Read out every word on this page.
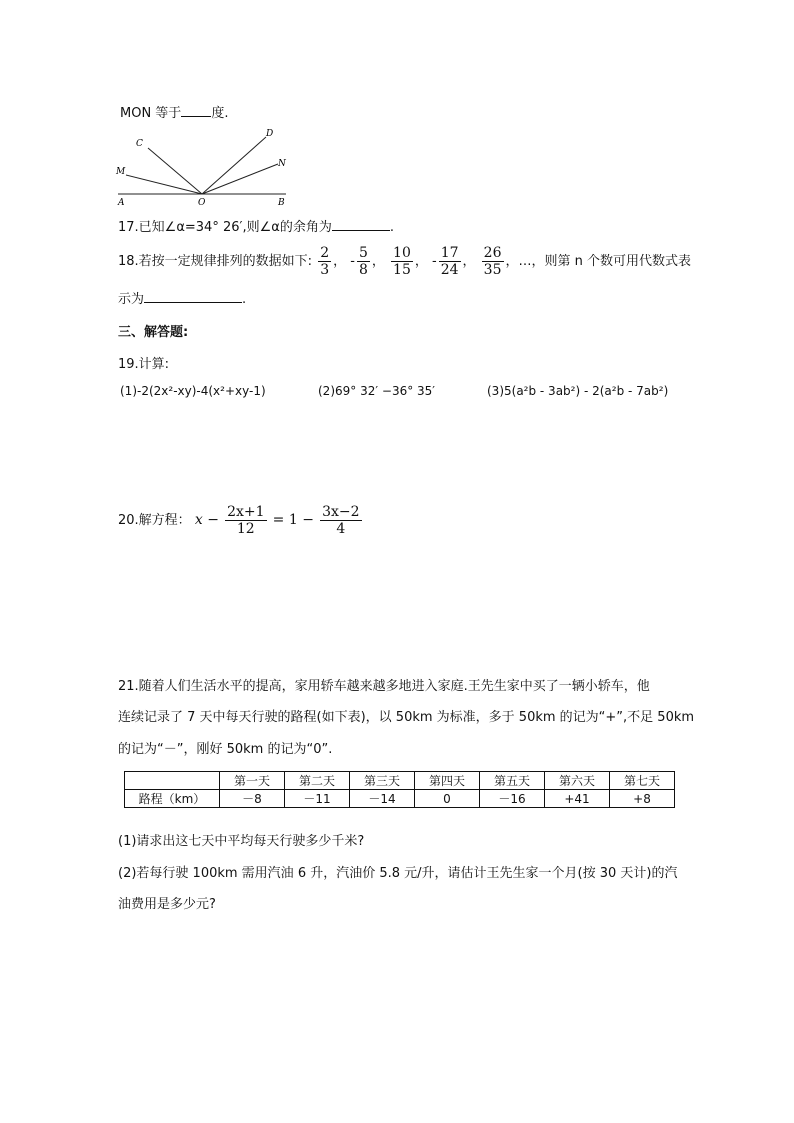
MON 等于 度.
C
M
D
N
A	O	B
17.已知∠α=34° 26′,则∠α的余角为	.
18.若按一定规律排列的数据如下: $\frac{2}{3}$ ， - $\frac{5}{8}$ ， $\frac{10}{15}$ ， - $\frac{17}{24}$ ， $\frac{26}{35}$ ，…，则第 n 个数可用代数式表
示为	.
三、解答题:
19.计算:
(1)-2(2x²-xy)-4(x²+xy-1)	(2)69° 32′ −36° 35′	(3)5(a²b - 3ab²) - 2(a²b - 7ab²)
20.解方程： $x - \frac{2x+1}{12} = 1 - \frac{3x-2}{4}$
21.随着人们生活水平的提高，家用轿车越来越多地进入家庭.王先生家中买了一辆小轿车，他
连续记录了 7 天中每天行驶的路程(如下表)，以 50km 为标准，多于 50km 的记为“+”,不足 50km
的记为“－”，刚好 50km 的记为“0”.
	第一天	第二天	第三天	第四天	第五天	第六天	第七天
路程（km）	－8	－11	－14	0	－16	+41	+8
(1)请求出这七天中平均每天行驶多少千米?
(2)若每行驶 100km 需用汽油 6 升，汽油价 5.8 元/升，请估计王先生家一个月(按 30 天计)的汽
油费用是多少元?
